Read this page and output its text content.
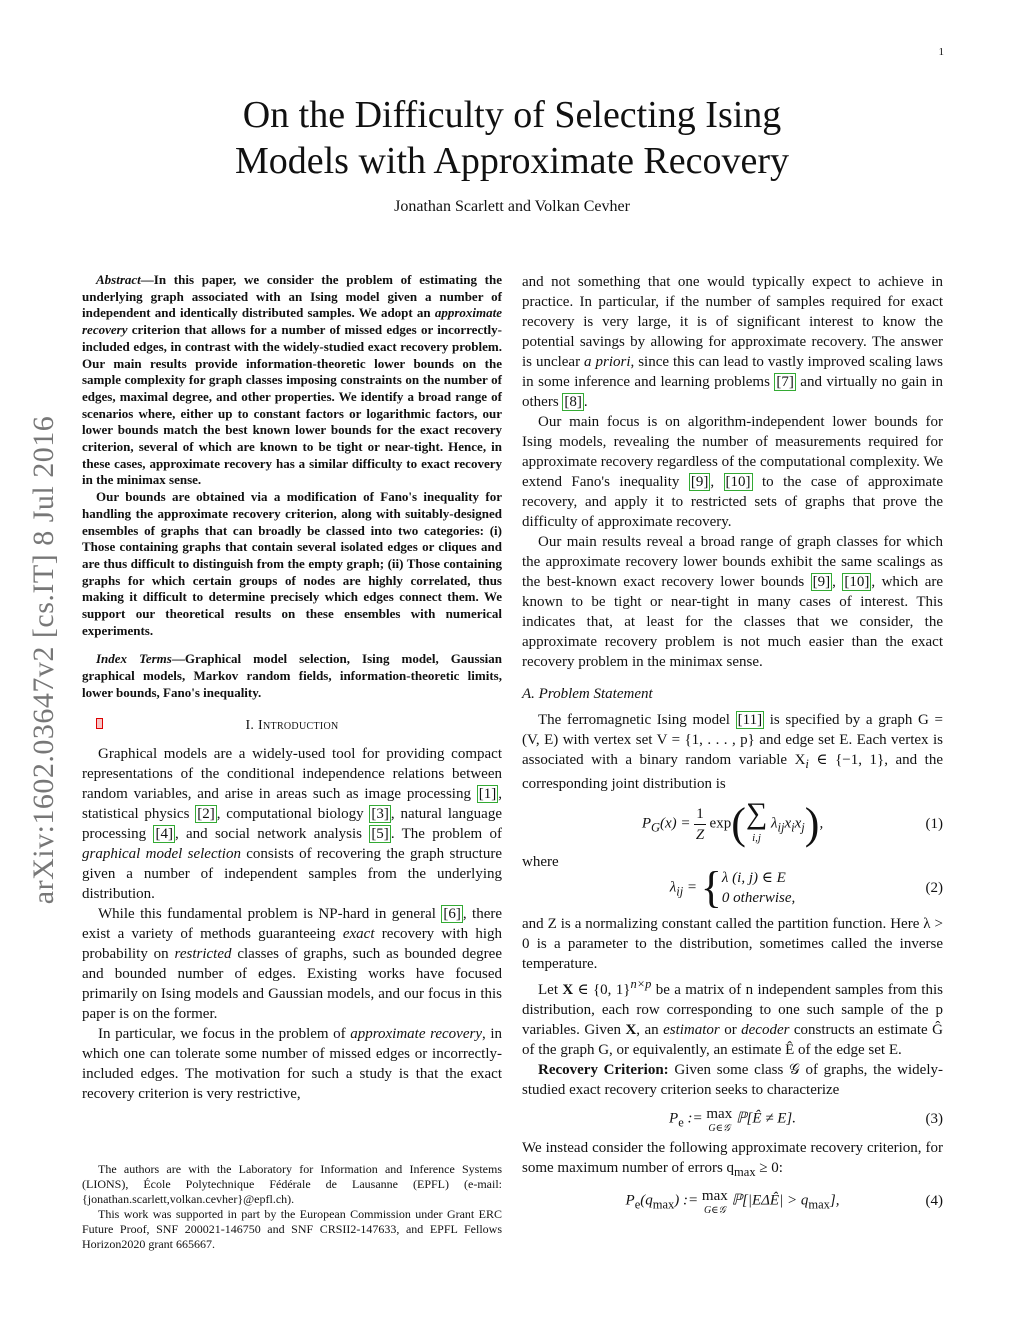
1
arXiv:1602.03647v2 [cs.IT] 8 Jul 2016
On the Difficulty of Selecting Ising
Models with Approximate Recovery
Jonathan Scarlett and Volkan Cevher

Abstract—In this paper, we consider the problem of estimating the underlying graph associated with an Ising model given a number of independent and identically distributed samples. We adopt an approximate recovery criterion that allows for a number of missed edges or incorrectly-included edges, in contrast with the widely-studied exact recovery problem. Our main results provide information-theoretic lower bounds on the sample complexity for graph classes imposing constraints on the number of edges, maximal degree, and other properties. We identify a broad range of scenarios where, either up to constant factors or logarithmic factors, our lower bounds match the best known lower bounds for the exact recovery criterion, several of which are known to be tight or near-tight. Hence, in these cases, approximate recovery has a similar difficulty to exact recovery in the minimax sense.

Our bounds are obtained via a modification of Fano's inequality for handling the approximate recovery criterion, along with suitably-designed ensembles of graphs that can broadly be classed into two categories: (i) Those containing graphs that contain several isolated edges or cliques and are thus difficult to distinguish from the empty graph; (ii) Those containing graphs for which certain groups of nodes are highly correlated, thus making it difficult to determine precisely which edges connect them. We support our theoretical results on these ensembles with numerical experiments.

Index Terms—Graphical model selection, Ising model, Gaussian graphical models, Markov random fields, information-theoretic limits, lower bounds, Fano's inequality.

I. Introduction

Graphical models are a widely-used tool for providing compact representations of the conditional independence relations between random variables, and arise in areas such as image processing [1] , statistical physics [2] , computational biology [3] , natural language processing [4] , and social network analysis [5] . The problem of graphical model selection consists of recovering the graph structure given a number of independent samples from the underlying distribution.

While this fundamental problem is NP-hard in general [6] , there exist a variety of methods guaranteeing exact recovery with high probability on restricted classes of graphs, such as bounded degree and bounded number of edges. Existing works have focused primarily on Ising models and Gaussian models, and our focus in this paper is on the former.

In particular, we focus in the problem of approximate recovery, in which one can tolerate some number of missed edges or incorrectly-included edges. The motivation for such a study is that the exact recovery criterion is very restrictive,

The authors are with the Laboratory for Information and Inference Systems (LIONS), École Polytechnique Fédérale de Lausanne (EPFL) (e-mail: {jonathan.scarlett,volkan.cevher}@epfl.ch).

This work was supported in part by the European Commission under Grant ERC Future Proof, SNF 200021-146750 and SNF CRSII2-147633, and EPFL Fellows Horizon2020 grant 665667.

and not something that one would typically expect to achieve in practice. In particular, if the number of samples required for exact recovery is very large, it is of significant interest to know the potential savings by allowing for approximate recovery. The answer is unclear a priori, since this can lead to vastly improved scaling laws in some inference and learning problems [7] and virtually no gain in others [8] .

Our main focus is on algorithm-independent lower bounds for Ising models, revealing the number of measurements required for approximate recovery regardless of the computational complexity. We extend Fano's inequality [9] , [10] to the case of approximate recovery, and apply it to restricted sets of graphs that prove the difficulty of approximate recovery.

Our main results reveal a broad range of graph classes for which the approximate recovery lower bounds exhibit the same scalings as the best-known exact recovery lower bounds [9] , [10] , which are known to be tight or near-tight in many cases of interest. This indicates that, at least for the classes that we consider, the approximate recovery problem is not much easier than the exact recovery problem in the minimax sense.

A. Problem Statement

The ferromagnetic Ising model [11] is specified by a graph G = (V, E) with vertex set V = {1, . . . , p} and edge set E. Each vertex is associated with a binary random variable $X_i$ ∈ {−1, 1}, and the corresponding joint distribution is

$P_G(x) = \frac{1}{Z} \exp$( ∑
i,j
$\lambda_{ij}x_ix_j$),	(1)

where

$\lambda_{ij}$ = { λ (i, j) ∈ E
0 otherwise,
(2)

and Z is a normalizing constant called the partition function. Here λ > 0 is a parameter to the distribution, sometimes called the inverse temperature.

Let X ∈ {0, 1}$^{n\times p}$ be a matrix of n independent samples from this distribution, each row corresponding to one such sample of the p variables. Given X, an estimator or decoder constructs an estimate Ĝ of the graph G, or equivalently, an estimate Ê of the edge set E.

Recovery Criterion: Given some class 𝒢 of graphs, the widely-studied exact recovery criterion seeks to characterize

$P_e$ := max
G∈𝒢
ℙ[Ê ≠ E].	(3)

We instead consider the following approximate recovery criterion, for some maximum number of errors $q_{max} \ge 0$:

$P_e(q_{max})$ := max
G∈𝒢
ℙ[|EΔÊ| > $q_{max}$],	(4)
